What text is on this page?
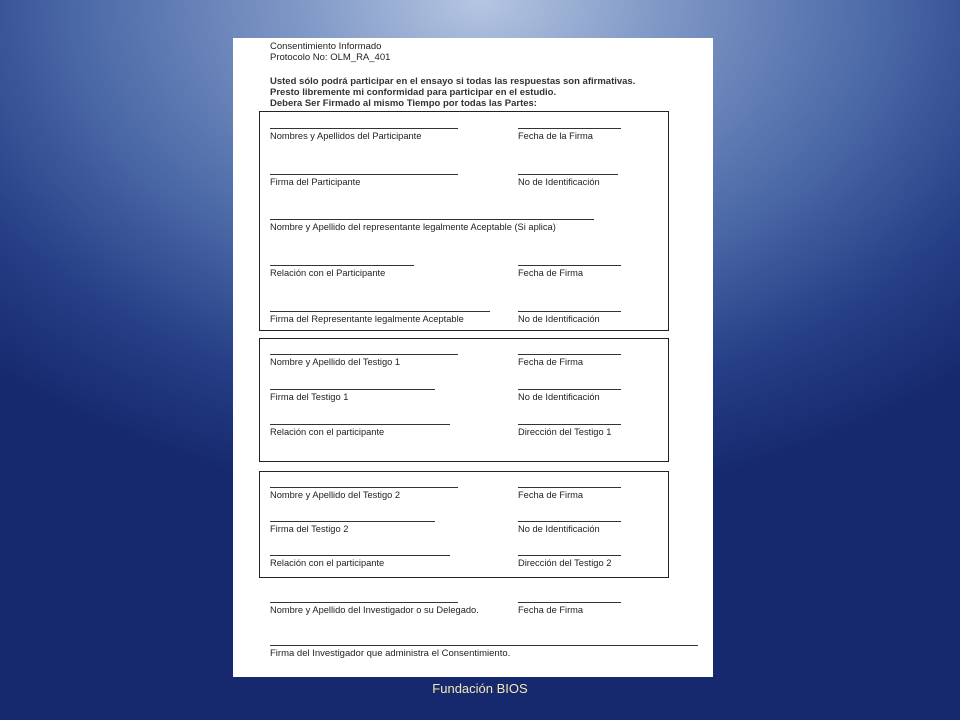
Consentimiento Informado

Protocolo No: OLM_RA_401

Usted sólo podrá participar en el ensayo si todas las respuestas son afirmativas.

Presto libremente mi conformidad para participar en el estudio.

Debera Ser Firmado al mismo Tiempo por todas las Partes:

Nombres y Apellidos del Participante	Fecha de la Firma
Firma del Participante	No de Identificación
Nombre y Apellido del representante legalmente Aceptable (Si aplica)
Relación con el Participante	Fecha de Firma
Firma del Representante legalmente Aceptable	No de Identificación
Nombre y Apellido del Testigo 1	Fecha de Firma
Firma del Testigo 1	No de Identificación
Relación con el participante	Dirección del Testigo 1
Nombre y Apellido del Testigo 2	Fecha de Firma
Firma del Testigo 2	No de Identificación
Relación con el participante	Dirección del Testigo 2
Nombre y Apellido del Investigador o su Delegado.	Fecha de Firma

Firma del Investigador que administra el Consentimiento.

Fundación BIOS
